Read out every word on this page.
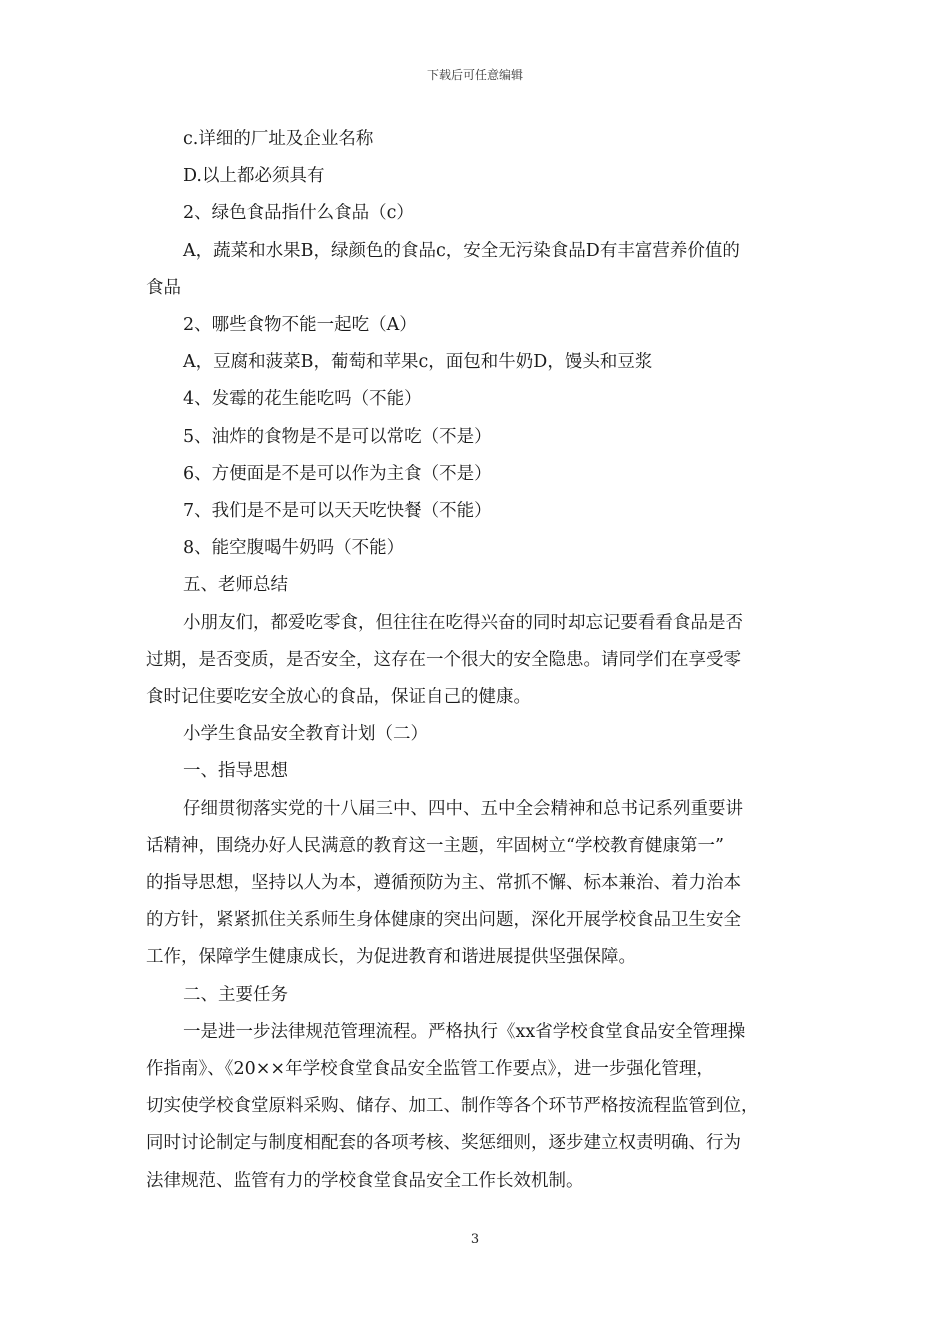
下载后可任意编辑

c.详细的厂址及企业名称

D.以上都必须具有

2、绿色食品指什么食品（c）

A，蔬菜和水果B，绿颜色的食品c，安全无污染食品D有丰富营养价值的

食品

2、哪些食物不能一起吃（A）

A，豆腐和菠菜B，葡萄和苹果c，面包和牛奶D，馒头和豆浆

4、发霉的花生能吃吗（不能）

5、油炸的食物是不是可以常吃（不是）

6、方便面是不是可以作为主食（不是）

7、我们是不是可以天天吃快餐（不能）

8、能空腹喝牛奶吗（不能）

五、老师总结

小朋友们，都爱吃零食，但往往在吃得兴奋的同时却忘记要看看食品是否

过期，是否变质，是否安全，这存在一个很大的安全隐患。请同学们在享受零

食时记住要吃安全放心的食品，保证自己的健康。

小学生食品安全教育计划（二）

一、指导思想

仔细贯彻落实党的十八届三中、四中、五中全会精神和总书记系列重要讲

话精神，围绕办好人民满意的教育这一主题，牢固树立“学校教育健康第一”

的指导思想，坚持以人为本，遵循预防为主、常抓不懈、标本兼治、着力治本

的方针，紧紧抓住关系师生身体健康的突出问题，深化开展学校食品卫生安全

工作，保障学生健康成长，为促进教育和谐进展提供坚强保障。

二、主要任务

一是进一步法律规范管理流程。严格执行《xx省学校食堂食品安全管理操

作指南》、《20××年学校食堂食品安全监管工作要点》，进一步强化管理，

切实使学校食堂原料采购、储存、加工、制作等各个环节严格按流程监管到位，

同时讨论制定与制度相配套的各项考核、奖惩细则，逐步建立权责明确、行为

法律规范、监管有力的学校食堂食品安全工作长效机制。

3
